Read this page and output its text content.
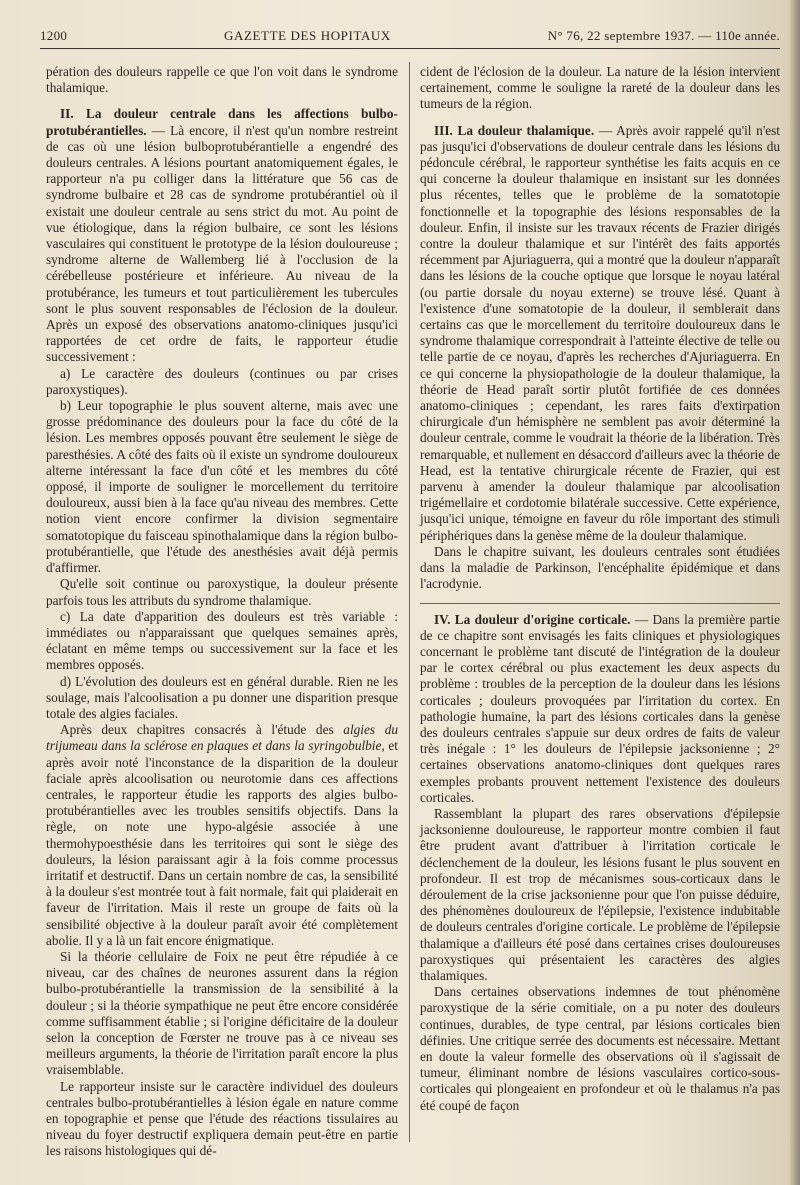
1200	GAZETTE DES HOPITAUX	N° 76, 22 septembre 1937. — 110e année.

pération des douleurs rappelle ce que l'on voit dans le syndrome thalamique.

II. La douleur centrale dans les affections bulbo-protubérantielles. — Là encore, il n'est qu'un nombre restreint de cas où une lésion bulboprotubérantielle a engendré des douleurs centrales. A lésions pourtant anatomiquement égales, le rapporteur n'a pu colliger dans la littérature que 56 cas de syndrome bulbaire et 28 cas de syndrome protubérantiel où il existait une douleur centrale au sens strict du mot. Au point de vue étiologique, dans la région bulbaire, ce sont les lésions vasculaires qui constituent le prototype de la lésion douloureuse ; syndrome alterne de Wallemberg lié à l'occlusion de la cérébelleuse postérieure et inférieure. Au niveau de la protubérance, les tumeurs et tout particulièrement les tubercules sont le plus souvent responsables de l'éclosion de la douleur. Après un exposé des observations anatomo-cliniques jusqu'ici rapportées de cet ordre de faits, le rapporteur étudie successivement :

a) Le caractère des douleurs (continues ou par crises paroxystiques).

b) Leur topographie le plus souvent alterne, mais avec une grosse prédominance des douleurs pour la face du côté de la lésion. Les membres opposés pouvant être seulement le siège de paresthésies. A côté des faits où il existe un syndrome douloureux alterne intéressant la face d'un côté et les membres du côté opposé, il importe de souligner le morcellement du territoire douloureux, aussi bien à la face qu'au niveau des membres. Cette notion vient encore confirmer la division segmentaire somatotopique du faisceau spinothalamique dans la région bulbo-protubérantielle, que l'étude des anesthésies avait déjà permis d'affirmer.

Qu'elle soit continue ou paroxystique, la douleur présente parfois tous les attributs du syndrome thalamique.

c) La date d'apparition des douleurs est très variable : immédiates ou n'apparaissant que quelques semaines après, éclatant en même temps ou successivement sur la face et les membres opposés.

d) L'évolution des douleurs est en général durable. Rien ne les soulage, mais l'alcoolisation a pu donner une disparition presque totale des algies faciales.

Après deux chapitres consacrés à l'étude des algies du trijumeau dans la sclérose en plaques et dans la syringobulbie, et après avoir noté l'inconstance de la disparition de la douleur faciale après alcoolisation ou neurotomie dans ces affections centrales, le rapporteur étudie les rapports des algies bulbo-protubérantielles avec les troubles sensitifs objectifs. Dans la règle, on note une hypo-algésie associée à une thermohypoesthésie dans les territoires qui sont le siège des douleurs, la lésion paraissant agir à la fois comme processus irritatif et destructif. Dans un certain nombre de cas, la sensibilité à la douleur s'est montrée tout à fait normale, fait qui plaiderait en faveur de l'irritation. Mais il reste un groupe de faits où la sensibilité objective à la douleur paraît avoir été complètement abolie. Il y a là un fait encore énigmatique.

Si la théorie cellulaire de Foix ne peut être répudiée à ce niveau, car des chaînes de neurones assurent dans la région bulbo-protubérantielle la transmission de la sensibilité à la douleur ; si la théorie sympathique ne peut être encore considérée comme suffisamment établie ; si l'origine déficitaire de la douleur selon la conception de Fœrster ne trouve pas à ce niveau ses meilleurs arguments, la théorie de l'irritation paraît encore la plus vraisemblable.

Le rapporteur insiste sur le caractère individuel des douleurs centrales bulbo-protubérantielles à lésion égale en nature comme en topographie et pense que l'étude des réactions tissulaires au niveau du foyer destructif expliquera demain peut-être en partie les raisons histologiques qui dé-

cident de l'éclosion de la douleur. La nature de la lésion intervient certainement, comme le souligne la rareté de la douleur dans les tumeurs de la région.

III. La douleur thalamique. — Après avoir rappelé qu'il n'est pas jusqu'ici d'observations de douleur centrale dans les lésions du pédoncule cérébral, le rapporteur synthétise les faits acquis en ce qui concerne la douleur thalamique en insistant sur les données plus récentes, telles que le problème de la somatotopie fonctionnelle et la topographie des lésions responsables de la douleur. Enfin, il insiste sur les travaux récents de Frazier dirigés contre la douleur thalamique et sur l'intérêt des faits apportés récemment par Ajuriaguerra, qui a montré que la douleur n'apparaît dans les lésions de la couche optique que lorsque le noyau latéral (ou partie dorsale du noyau externe) se trouve lésé. Quant à l'existence d'une somatotopie de la douleur, il semblerait dans certains cas que le morcellement du territoire douloureux dans le syndrome thalamique correspondrait à l'atteinte élective de telle ou telle partie de ce noyau, d'après les recherches d'Ajuriaguerra. En ce qui concerne la physiopathologie de la douleur thalamique, la théorie de Head paraît sortir plutôt fortifiée de ces données anatomo-cliniques ; cependant, les rares faits d'extirpation chirurgicale d'un hémisphère ne semblent pas avoir déterminé la douleur centrale, comme le voudrait la théorie de la libération. Très remarquable, et nullement en désaccord d'ailleurs avec la théorie de Head, est la tentative chirurgicale récente de Frazier, qui est parvenu à amender la douleur thalamique par alcoolisation trigémellaire et cordotomie bilatérale successive. Cette expérience, jusqu'ici unique, témoigne en faveur du rôle important des stimuli périphériques dans la genèse même de la douleur thalamique.

Dans le chapitre suivant, les douleurs centrales sont étudiées dans la maladie de Parkinson, l'encéphalite épidémique et dans l'acrodynie.

IV. La douleur d'origine corticale. — Dans la première partie de ce chapitre sont envisagés les faits cliniques et physiologiques concernant le problème tant discuté de l'intégration de la douleur par le cortex cérébral ou plus exactement les deux aspects du problème : troubles de la perception de la douleur dans les lésions corticales ; douleurs provoquées par l'irritation du cortex. En pathologie humaine, la part des lésions corticales dans la genèse des douleurs centrales s'appuie sur deux ordres de faits de valeur très inégale : 1° les douleurs de l'épilepsie jacksonienne ; 2° certaines observations anatomo-cliniques dont quelques rares exemples probants prouvent nettement l'existence des douleurs corticales.

Rassemblant la plupart des rares observations d'épilepsie jacksonienne douloureuse, le rapporteur montre combien il faut être prudent avant d'attribuer à l'irritation corticale le déclenchement de la douleur, les lésions fusant le plus souvent en profondeur. Il est trop de mécanismes sous-corticaux dans le déroulement de la crise jacksonienne pour que l'on puisse déduire, des phénomènes douloureux de l'épilepsie, l'existence indubitable de douleurs centrales d'origine corticale. Le problème de l'épilepsie thalamique a d'ailleurs été posé dans certaines crises douloureuses paroxystiques qui présentaient les caractères des algies thalamiques.

Dans certaines observations indemnes de tout phénomène paroxystique de la série comitiale, on a pu noter des douleurs continues, durables, de type central, par lésions corticales bien définies. Une critique serrée des documents est nécessaire. Mettant en doute la valeur formelle des observations où il s'agissait de tumeur, éliminant nombre de lésions vasculaires cortico-sous-corticales qui plongeaient en profondeur et où le thalamus n'a pas été coupé de façon
